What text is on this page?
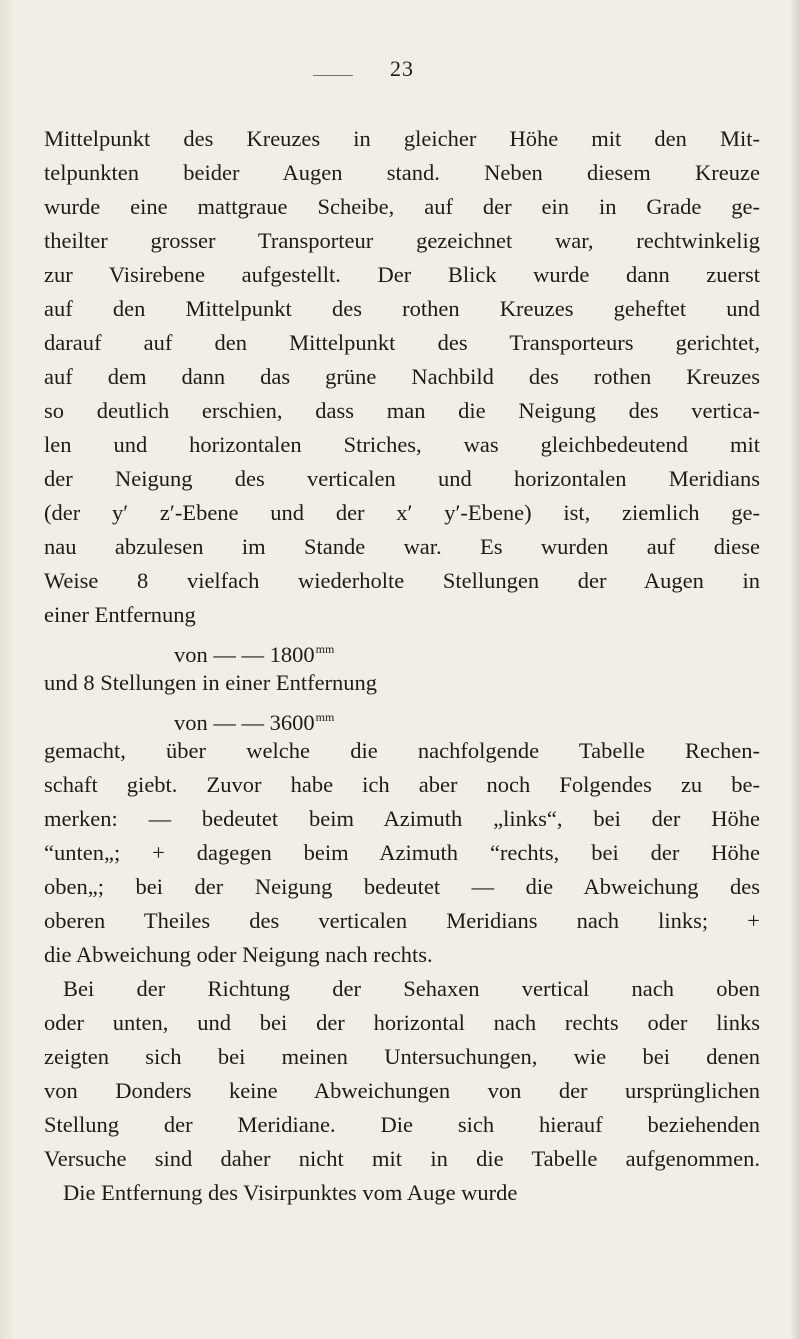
23
Mittelpunkt des Kreuzes in gleicher Höhe mit den Mit-
telpunkten beider Augen stand. Neben diesem Kreuze
wurde eine mattgraue Scheibe, auf der ein in Grade ge-
theilter grosser Transporteur gezeichnet war, rechtwinkelig
zur Visirebene aufgestellt. Der Blick wurde dann zuerst
auf den Mittelpunkt des rothen Kreuzes geheftet und
darauf auf den Mittelpunkt des Transporteurs gerichtet,
auf dem dann das grüne Nachbild des rothen Kreuzes
so deutlich erschien, dass man die Neigung des vertica-
len und horizontalen Striches, was gleichbedeutend mit
der Neigung des verticalen und horizontalen Meridians
(der y′ z′-Ebene und der x′ y′-Ebene) ist, ziemlich ge-
nau abzulesen im Stande war. Es wurden auf diese
Weise 8 vielfach wiederholte Stellungen der Augen in
einer Entfernung
von — — $1800^{mm}$
und 8 Stellungen in einer Entfernung
von — — $3600^{mm}$
gemacht, über welche die nachfolgende Tabelle Rechen-
schaft giebt. Zuvor habe ich aber noch Folgendes zu be-
merken: — bedeutet beim Azimuth „links“, bei der Höhe
“unten„; + dagegen beim Azimuth “rechts, bei der Höhe
oben„; bei der Neigung bedeutet — die Abweichung des
oberen Theiles des verticalen Meridians nach links; +
die Abweichung oder Neigung nach rechts.
Bei der Richtung der Sehaxen vertical nach oben
oder unten, und bei der horizontal nach rechts oder links
zeigten sich bei meinen Untersuchungen, wie bei denen
von Donders keine Abweichungen von der ursprünglichen
Stellung der Meridiane. Die sich hierauf beziehenden
Versuche sind daher nicht mit in die Tabelle aufgenommen.
Die Entfernung des Visirpunktes vom Auge wurde
